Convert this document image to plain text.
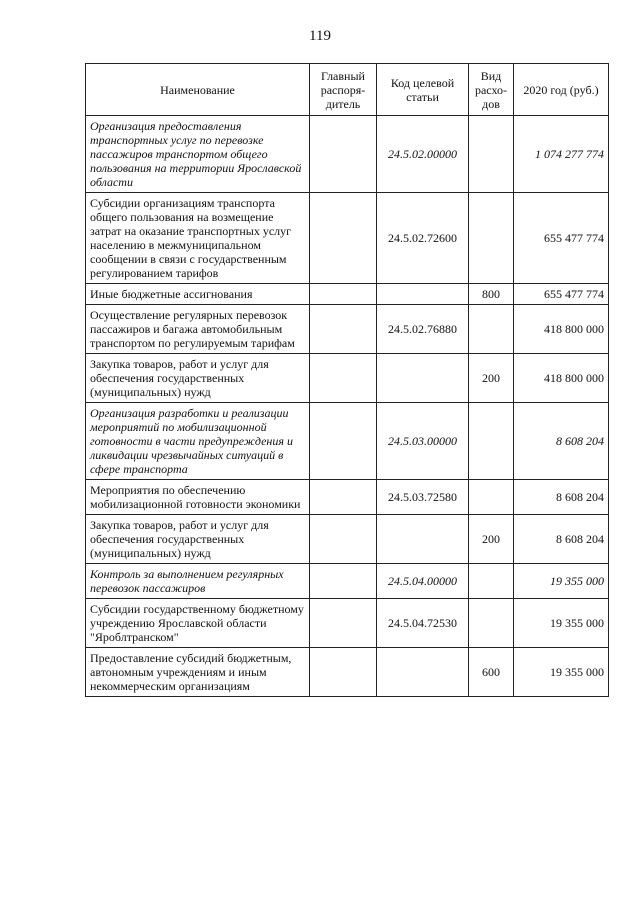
119
Наименование	Главный распоря- дитель	Код целевой статьи	Вид расхо- дов	2020 год (руб.)
Организация предоставления транспортных услуг по перевозке пассажиров транспортом общего пользования на территории Ярославской области		24.5.02.00000		1 074 277 774
Субсидии организациям транспорта общего пользования на возмещение затрат на оказание транспортных услуг населению в межмуниципальном сообщении в связи с государственным регулированием тарифов		24.5.02.72600		655 477 774
Иные бюджетные ассигнования			800	655 477 774
Осуществление регулярных перевозок пассажиров и багажа автомобильным транспортом по регулируемым тарифам		24.5.02.76880		418 800 000
Закупка товаров, работ и услуг для обеспечения государственных (муниципальных) нужд			200	418 800 000
Организация разработки и реализации мероприятий по мобилизационной готовности в части предупреждения и ликвидации чрезвычайных ситуаций в сфере транспорта		24.5.03.00000		8 608 204
Мероприятия по обеспечению мобилизационной готовности экономики		24.5.03.72580		8 608 204
Закупка товаров, работ и услуг для обеспечения государственных (муниципальных) нужд			200	8 608 204
Контроль за выполнением регулярных перевозок пассажиров		24.5.04.00000		19 355 000
Субсидии государственному бюджетному учреждению Ярославской области "Яроблтранском"		24.5.04.72530		19 355 000
Предоставление субсидий бюджетным, автономным учреждениям и иным некоммерческим организациям			600	19 355 000
